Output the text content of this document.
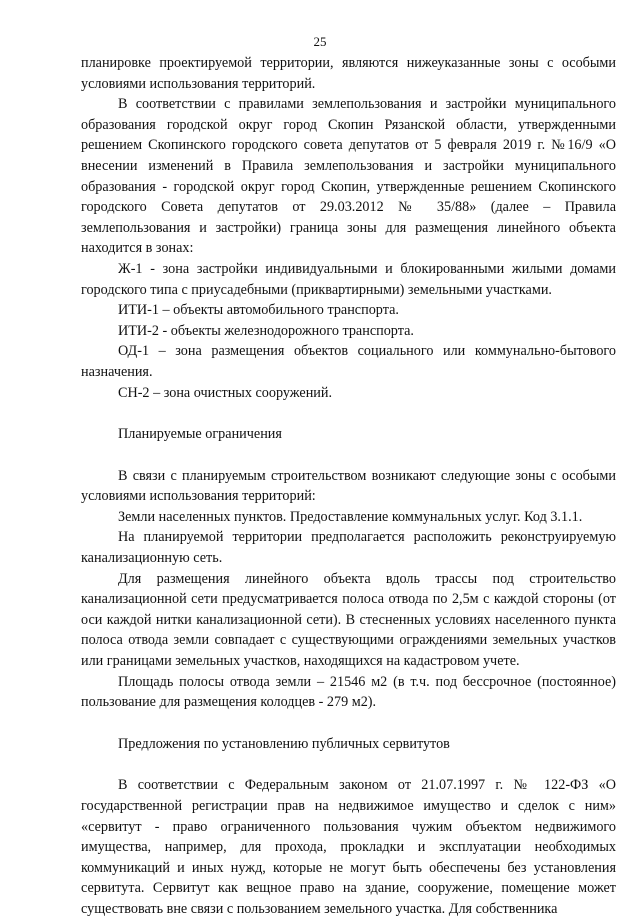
25

планировке проектируемой территории, являются нижеуказанные зоны с особыми условиями использования территорий.

В соответствии с правилами землепользования и застройки муниципального образования городской округ город Скопин Рязанской области, утвержденными решением Скопинского городского совета депутатов от 5 февраля 2019 г. №16/9 «О внесении изменений в Правила землепользования и застройки муниципального образования - городской округ город Скопин, утвержденные решением Скопинского городского Совета депутатов от 29.03.2012 № 35/88» (далее – Правила землепользования и застройки) граница зоны для размещения линейного объекта находится в зонах:

Ж-1 - зона застройки индивидуальными и блокированными жилыми домами городского типа с приусадебными (приквартирными) земельными участками.

ИТИ-1 – объекты автомобильного транспорта.

ИТИ-2 - объекты железнодорожного транспорта.

ОД-1 – зона размещения объектов социального или коммунально-бытового назначения.

СН-2 – зона очистных сооружений.

Планируемые ограничения

В связи с планируемым строительством возникают следующие зоны с особыми условиями использования территорий:

Земли населенных пунктов. Предоставление коммунальных услуг. Код 3.1.1.

На планируемой территории предполагается расположить реконструируемую канализационную сеть.

Для размещения линейного объекта вдоль трассы под строительство канализационной сети предусматривается полоса отвода по 2,5м с каждой стороны (от оси каждой нитки канализационной сети). В стесненных условиях населенного пункта полоса отвода земли совпадает с существующими ограждениями земельных участков или границами земельных участков, находящихся на кадастровом учете.

Площадь полосы отвода земли – 21546 м2 (в т.ч. под бессрочное (постоянное) пользование для размещения колодцев - 279 м2).

Предложения по установлению публичных сервитутов

В соответствии с Федеральным законом от 21.07.1997 г. № 122-ФЗ «О государственной регистрации прав на недвижимое имущество и сделок с ним» «сервитут - право ограниченного пользования чужим объектом недвижимого имущества, например, для прохода, прокладки и эксплуатации необходимых коммуникаций и иных нужд, которые не могут быть обеспечены без установления сервитута. Сервитут как вещное право на здание, сооружение, помещение может существовать вне связи с пользованием земельного участка. Для собственника
